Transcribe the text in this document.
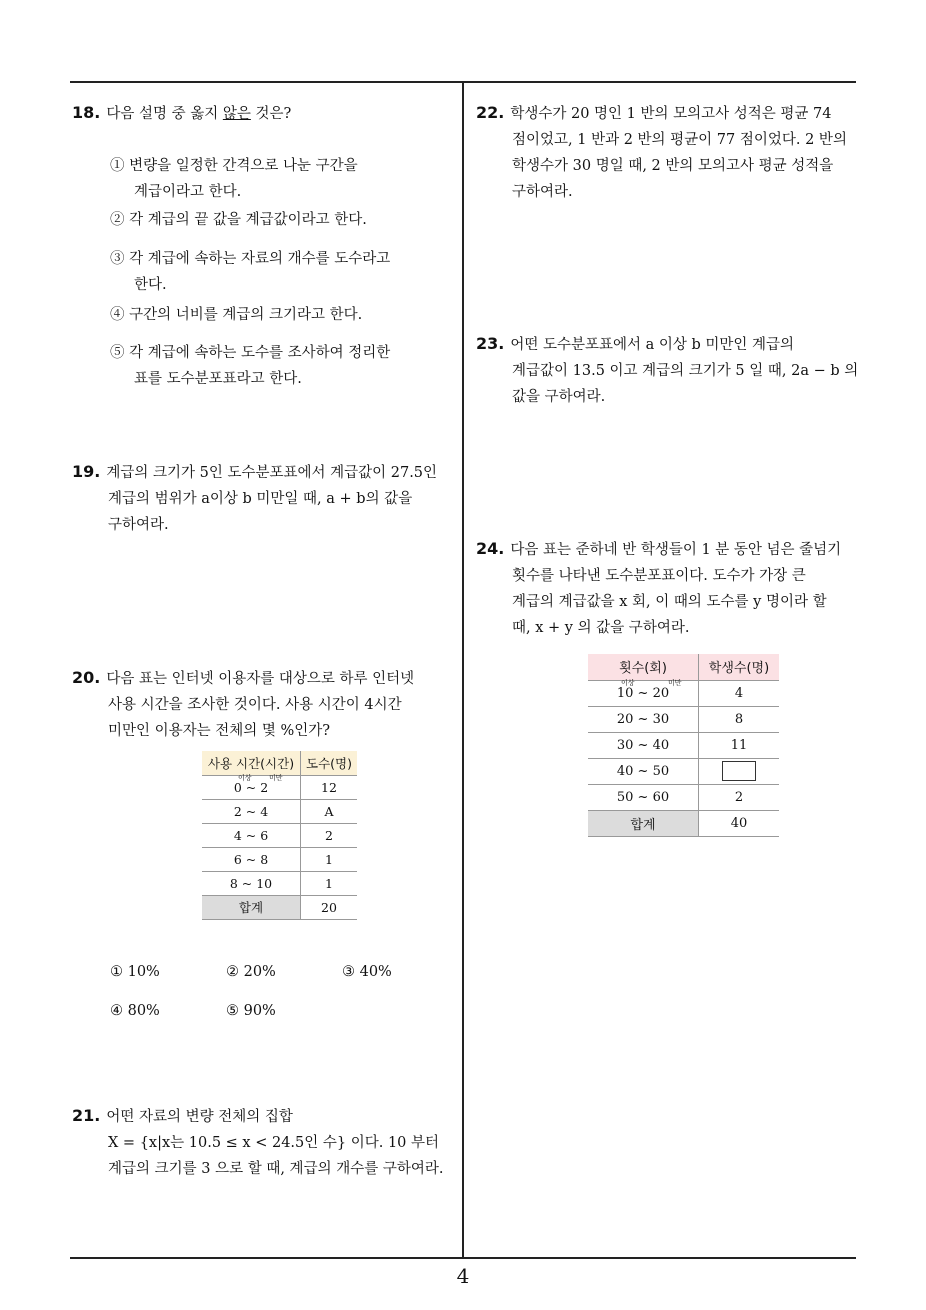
18. 다음 설명 중 옳지 않은 것은?
① 변량을 일정한 간격으로 나눈 구간을
계급이라고 한다.
② 각 계급의 끝 값을 계급값이라고 한다.
③ 각 계급에 속하는 자료의 개수를 도수라고
한다.
④ 구간의 너비를 계급의 크기라고 한다.
⑤ 각 계급에 속하는 도수를 조사하여 정리한
표를 도수분포표라고 한다.
19. 계급의 크기가 5인 도수분포표에서 계급값이 27.5인
계급의 범위가 a이상 b 미만일 때, a + b의 값을
구하여라.
20. 다음 표는 인터넷 이용자를 대상으로 하루 인터넷
사용 시간을 조사한 것이다. 사용 시간이 4시간
미만인 이용자는 전체의 몇 %인가?
사용 시간(시간)	도수(명)

이상 미만
0 ~ 2	12
2 ~ 4	A
4 ~ 6	2
6 ~ 8	1
8 ~ 10	1
합계	20
① 10%	② 20%	③ 40%
④ 80%	⑤ 90%
21. 어떤 자료의 변량 전체의 집합
X = {x|x는 10.5 ≤ x < 24.5인 수} 이다. 10 부터
계급의 크기를 3 으로 할 때, 계급의 개수를 구하여라.
22. 학생수가 20 명인 1 반의 모의고사 성적은 평균 74
점이었고, 1 반과 2 반의 평균이 77 점이었다. 2 반의
학생수가 30 명일 때, 2 반의 모의고사 평균 성적을
구하여라.
23. 어떤 도수분포표에서 a 이상 b 미만인 계급의
계급값이 13.5 이고 계급의 크기가 5 일 때, 2a − b 의
값을 구하여라.
24. 다음 표는 준하네 반 학생들이 1 분 동안 넘은 줄넘기
횟수를 나타낸 도수분포표이다. 도수가 가장 큰
계급의 계급값을 x 회, 이 때의 도수를 y 명이라 할
때, x + y 의 값을 구하여라.
횟수(회)	학생수(명)

이상 미만
10 ~ 20	4
20 ~ 30	8
30 ~ 40	11
40 ~ 50	
50 ~ 60	2
합계	40
4
